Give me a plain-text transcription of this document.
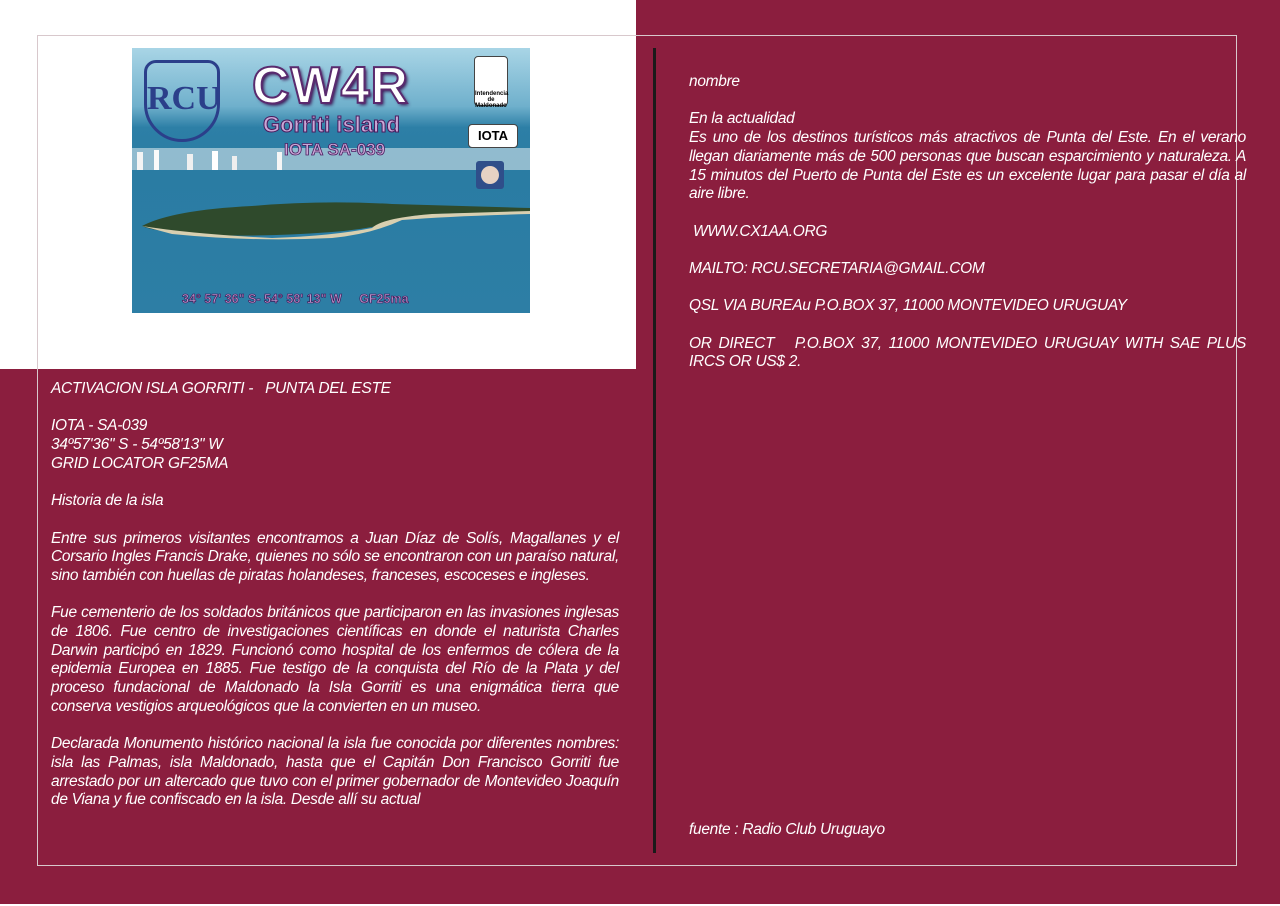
RCU CW4R
Gorriti island
IOTA SA-039
Intendencia de Maldonado
IOTA
34° 57' 36" S- 54° 58' 13" W     GF25ma

ACTIVACION ISLA GORRITI -   PUNTA DEL ESTE

IOTA - SA-039
34º57'36" S - 54º58'13" W

GRID LOCATOR GF25MA

Historia de la isla

Entre sus primeros visitantes encontramos a Juan Díaz de Solís, Magallanes y el Corsario Ingles Francis Drake, quienes no sólo se encontraron con un paraíso natural, sino también con huellas de piratas holandeses, franceses, escoceses e ingleses.

Fue cementerio de los soldados británicos que participaron en las invasiones inglesas de 1806. Fue centro de investigaciones científicas en donde el naturista Charles Darwin participó en 1829. Funcionó como hospital de los enfermos de cólera de la epidemia Europea en 1885. Fue testigo de la conquista del Río de la Plata y del proceso fundacional de Maldonado la Isla Gorriti es una enigmática tierra que conserva vestigios arqueológicos que la convierten en un museo.

Declarada Monumento histórico nacional la isla fue conocida por diferentes nombres: isla las Palmas, isla Maldonado, hasta que el Capitán Don Francisco Gorriti fue arrestado por un altercado que tuvo con el primer gobernador de Montevideo Joaquín de Viana y fue confiscado en la isla. Desde allí su actual

nombre

En la actualidad

Es uno de los destinos turísticos más atractivos de Punta del Este. En el verano llegan diariamente más de 500 personas que buscan esparcimiento y naturaleza. A 15 minutos del Puerto de Punta del Este es un excelente lugar para pasar el día al aire libre.

WWW.CX1AA.ORG

MAILTO: RCU.SECRETARIA@GMAIL.COM

QSL VIA BUREAu P.O.BOX 37, 11000 MONTEVIDEO URUGUAY

OR DIRECT   P.O.BOX 37, 11000 MONTEVIDEO URUGUAY WITH SAE PLUS IRCS OR US$ 2.

fuente : Radio Club Uruguayo
